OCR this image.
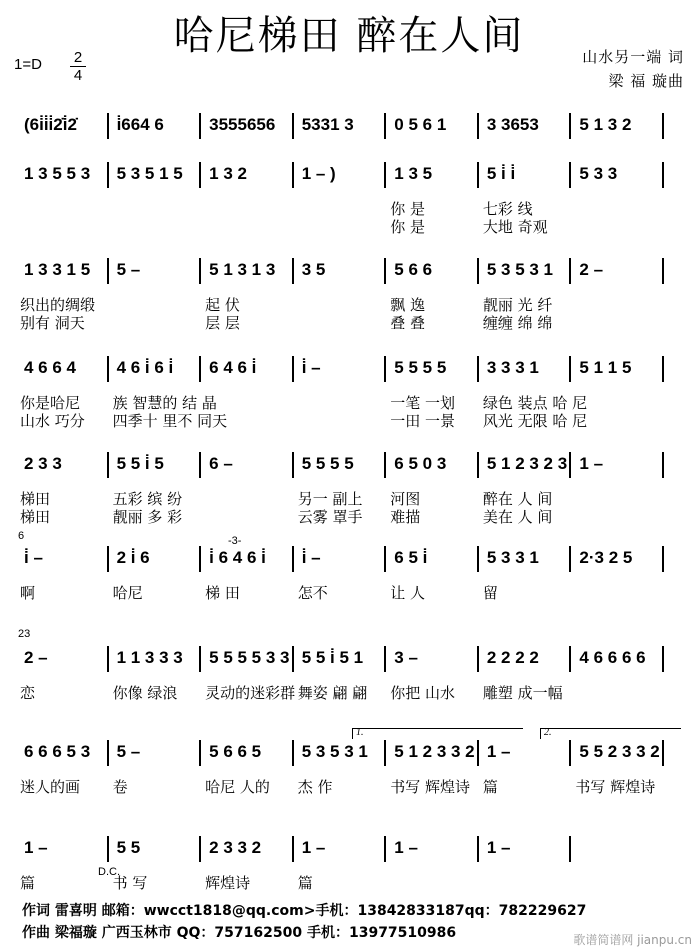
哈尼梯田 醉在人间
1=D 2
4
山水另一端 词
梁 福 璇曲
(6i̇i̇i̇2̇i̇2̇ i̇664 6	3555656 5331 3 0 5 6 1 3 3653 5 1 3 2
1 3 5 5 3 5 3 5 1 5 1 3 2	1 – )	1 3 5	5 i̇ i̇	5 3 3
你 是	七彩 线
你 是	大地 奇观
1 3 3 1 5 5 –	5 1 3 1 3 3 5	5 6 6	5 3 5 3 1 2 –
织出的绸缎	起 伏	飘 逸	靓丽 光 纤
别有 洞天	层 层	叠 叠	缠缠 绵 绵
4 6 6 4 4 6 i̇ 6 i̇ 6 4 6 i̇	i̇ –	5 5 5 5 3 3 3 1 5 1 1 5
你是哈尼 族 智慧的 结 晶	一笔 一划 绿色 装点 哈 尼
山水 巧分 四季十 里不 同天	一田 一景 风光 无限 哈 尼
2 3 3	5 5 i̇ 5	6 –	5 5 5 5 6 5 0 3 5 1 2 3 2 3 1 –
梯田	五彩 缤 纷	另一 副上 河图	醉在 人 间
梯田	靓丽 多 彩	云雾 罩手 难描	美在 人 间
i̇ –	2 i̇ 6	i̇ 6 4 6 i̇ i̇ –	6 5 i̇	5 3 3 1 2·3 2 5
啊	哈尼	梯 田	怎不	让 人	留
2 –	1 1 3 3 3 5 5 5 5 3 3 5 5 i̇ 5 1 3 –	2 2 2 2 4 6 6 6 6
恋	你像 绿浪 灵动的迷彩群 舞姿 翩 翩 你把 山水 雕塑 成一幅
6 6 6 5 3 5 –	5 6 6 5 5 3 5 3 1 5 1 2 3 3 2 1 –	5 5 2 3 3 2
迷人的画 卷	哈尼 人的 杰 作	书写 辉煌诗 篇	书写 辉煌诗
1 –	5 5	2 3 3 2 1 –	1 –	1 –
篇	书 写	辉煌诗	篇
6
23
-3-
1.	2.
D.C.
作词 雷喜明 邮箱：wwcct1818@qq.com>手机：13842833187qq：782229627
作曲 梁福璇 广西玉林市 QQ：757162500 手机：13977510986	歌谱简谱网 jianpu.cn
